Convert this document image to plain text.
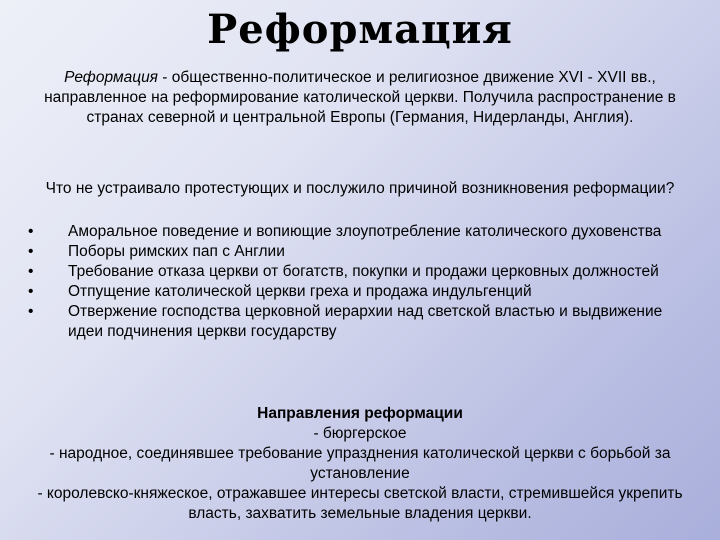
Реформация
Реформация - общественно-политическое и религиозное движение XVI - XVII вв., направленное на реформирование католической церкви. Получила распространение в странах северной и центральной Европы (Германия, Нидерланды, Англия).
Что не устраивало протестующих и послужило причиной возникновения реформации?
•	Аморальное поведение и вопиющие злоупотребление католического духовенства
•	Поборы римских пап с Англии
•	Требование отказа церкви от богатств, покупки и продажи церковных должностей
•	Отпущение католической церкви греха и продажа индульгенций
•	Отвержение господства церковной иерархии над светской властью и выдвижение идеи подчинения церкви государству
Направления реформации
- бюргерское
- народное, соединявшее требование упразднения католической церкви с борьбой за установление
- королевско-княжеское, отражавшее интересы светской власти, стремившейся укрепить власть, захватить земельные владения церкви.
